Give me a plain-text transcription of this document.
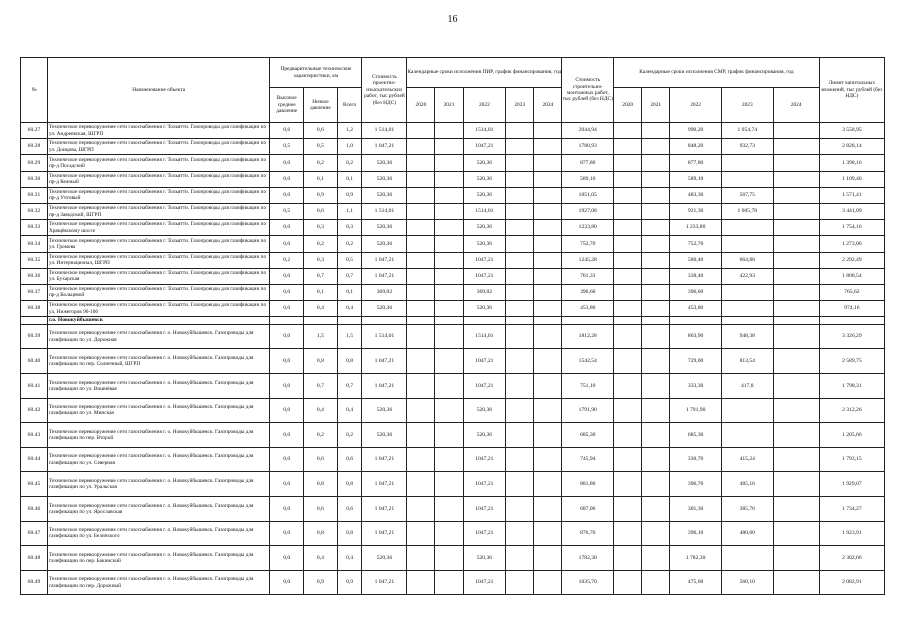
16
№	Наименование объекта	Предварительные технические характеристики, км			Стоимость проектно-изыскательских работ, тыс рублей (без НДС)	Календарные сроки исполнения ПИР, график финансирования, год					Стоимость строительно-монтажных работ, тыс рублей (без НДС)	Календарные сроки исполнения СМР, график финансирования, год					Лимит капитальных вложений, тыс рублей (без НДС)
		Высокое среднее давление	Низкое давление	Всего		2020	2021	2022	2023	2024		2020	2021	2022	2023	2024	

60.27	Техническое перевооружение сети газоснабжения г. Тольятти. Газопроводы для газификации по ул. Андреевская, ШГРП	0,6	0,6	1,2	1 514,01			1514,01			2044,94			990,20	1 054,74		3 558,95
60.28	Техническое перевооружение сети газоснабжения г. Тольятти. Газопроводы для газификации по ул. Донцова, ШГРП	0,5	0,5	1,0	1 047,21			1047,21			1780,93			848,20	932,73		2 828,14
60.29	Техническое перевооружение сети газоснабжения г. Тольятти. Газопроводы для газификации по пр-д Посадский	0,0	0,2	0,2	520,36			520,36			877,80			877,80			1 398,16
60.30	Техническое перевооружение сети газоснабжения г. Тольятти. Газопроводы для газификации по пр-д Кежный	0,0	0,1	0,1	520,36			520,36			589,10			589,10			1 109,46
60.31	Техническое перевооружение сети газоснабжения г. Тольятти. Газопроводы для газификации по пр-д Учтовый	0,0	0,9	0,9	520,36			520,36			1051,05			483,30	567,75		1 571,41
60.32	Техническое перевооружение сети газоснабжения г. Тольятти. Газопроводы для газификации по пр-д Заводский, ШГРП	0,5	0,6	1,1	1 514,01			1514,01			1927,08			921,30	1 005,78		3 441,09
60.33	Техническое перевооружение сети газоснабжения г. Тольятти. Газопроводы для газификации по Хрящёвскому шоссе	0,0	0,3	0,3	520,36			520,36			1233,80			1 233,80			1 754,16
60.34	Техническое перевооружение сети газоснабжения г. Тольятти. Газопроводы для газификации по ул. Громова	0,0	0,2	0,2	520,36			520,36			752,70			752,70			1 273,06
60.35	Техническое перевооружение сети газоснабжения г. Тольятти. Газопроводы для газификации по ул. Интернационал, ШГРП	0,2	0,3	0,5	1 047,21			1047,21			1245,28			580,40	664,88		2 292,49
60.36	Техническое перевооружение сети газоснабжения г. Тольятти. Газопроводы для газификации по ул. Бухарская	0,0	0,7	0,7	1 047,21			1047,21			761,33			338,40	422,93		1 808,54
60.37	Техническое перевооружение сети газоснабжения г. Тольятти. Газопроводы для газификации по пр-д Кольцевой	0,0	0,1	0,1	369,02			369,02			396,60			396,60			765,62
60.38	Техническое перевооружение сети газоснабжения г. Тольятти. Газопроводы для газификации по ул. Нижегоров 96-106	0,0	0,4	0,4	520,36			520,36			453,80			453,80			974,16
	г.о. Новокуйбышевск																
60.39	Техническое перевооружение сети газоснабжения г. о. Новокуйбышевск. Газопроводы для газификации по ул. Дорожная	0,0	1,5	1,5	1 514,01			1514,01			1812,28			863,90	948,38		3 326,29
60.40	Техническое перевооружение сети газоснабжения г. о. Новокуйбышевск. Газопроводы для газификации по пер. Солнечный, ШГРП	0,0	0,8	0,8	1 047,21			1047,21			1542,54			729,00	813,54		2 589,75
60.41	Техническое перевооружение сети газоснабжения г. о. Новокуйбышевск. Газопроводы для газификации по ул. Вишнёвая	0,0	0,7	0,7	1 047,21			1047,21			751,10			333,30	417,8		1 798,31
60.42	Техническое перевооружение сети газоснабжения г. о. Новокуйбышевск. Газопроводы для газификации по ул. Минская	0,0	0,4	0,4	520,36			520,36			1791,90			1 791,90			2 312,26
60.43	Техническое перевооружение сети газоснабжения г. о. Новокуйбышевск. Газопроводы для газификации по пер. Второй	0,0	0,2	0,2	520,36			520,36			685,30			685,30			1 205,66
60.44	Техническое перевооружение сети газоснабжения г. о. Новокуйбышевск. Газопроводы для газификации по ул. Северная	0,0	0,6	0,6	1 047,21			1047,21			745,94			330,70	415,24		1 793,15
60.45	Техническое перевооружение сети газоснабжения г. о. Новокуйбышевск. Газопроводы для газификации по ул. Уральская	0,0	0,8	0,8	1 047,21			1047,21			881,86			396,70	485,16		1 929,07
60.46	Техническое перевооружение сети газоснабжения г. о. Новокуйбышевск. Газопроводы для газификации по ул. Ярославская	0,0	0,6	0,6	1 047,21			1047,21			687,06			301,30	385,76		1 734,27
60.47	Техническое перевооружение сети газоснабжения г. о. Новокуйбышевск. Газопроводы для газификации по ул. Белинского	0,0	0,8	0,8	1 047,21			1047,21			876,70			396,10	480,60		1 923,91
60.48	Техническое перевооружение сети газоснабжения г. о. Новокуйбышевск. Газопроводы для газификации по пер. Бакинский	0,0	0,4	0,4	520,36			520,36			1782,30			1 782,30			2 302,66
60.49	Техническое перевооружение сети газоснабжения г. о. Новокуйбышевск. Газопроводы для газификации по пер. Дорожный	0,0	0,9	0,9	1 047,21			1047,21			1035,70			475,60	560,10		2 082,91
